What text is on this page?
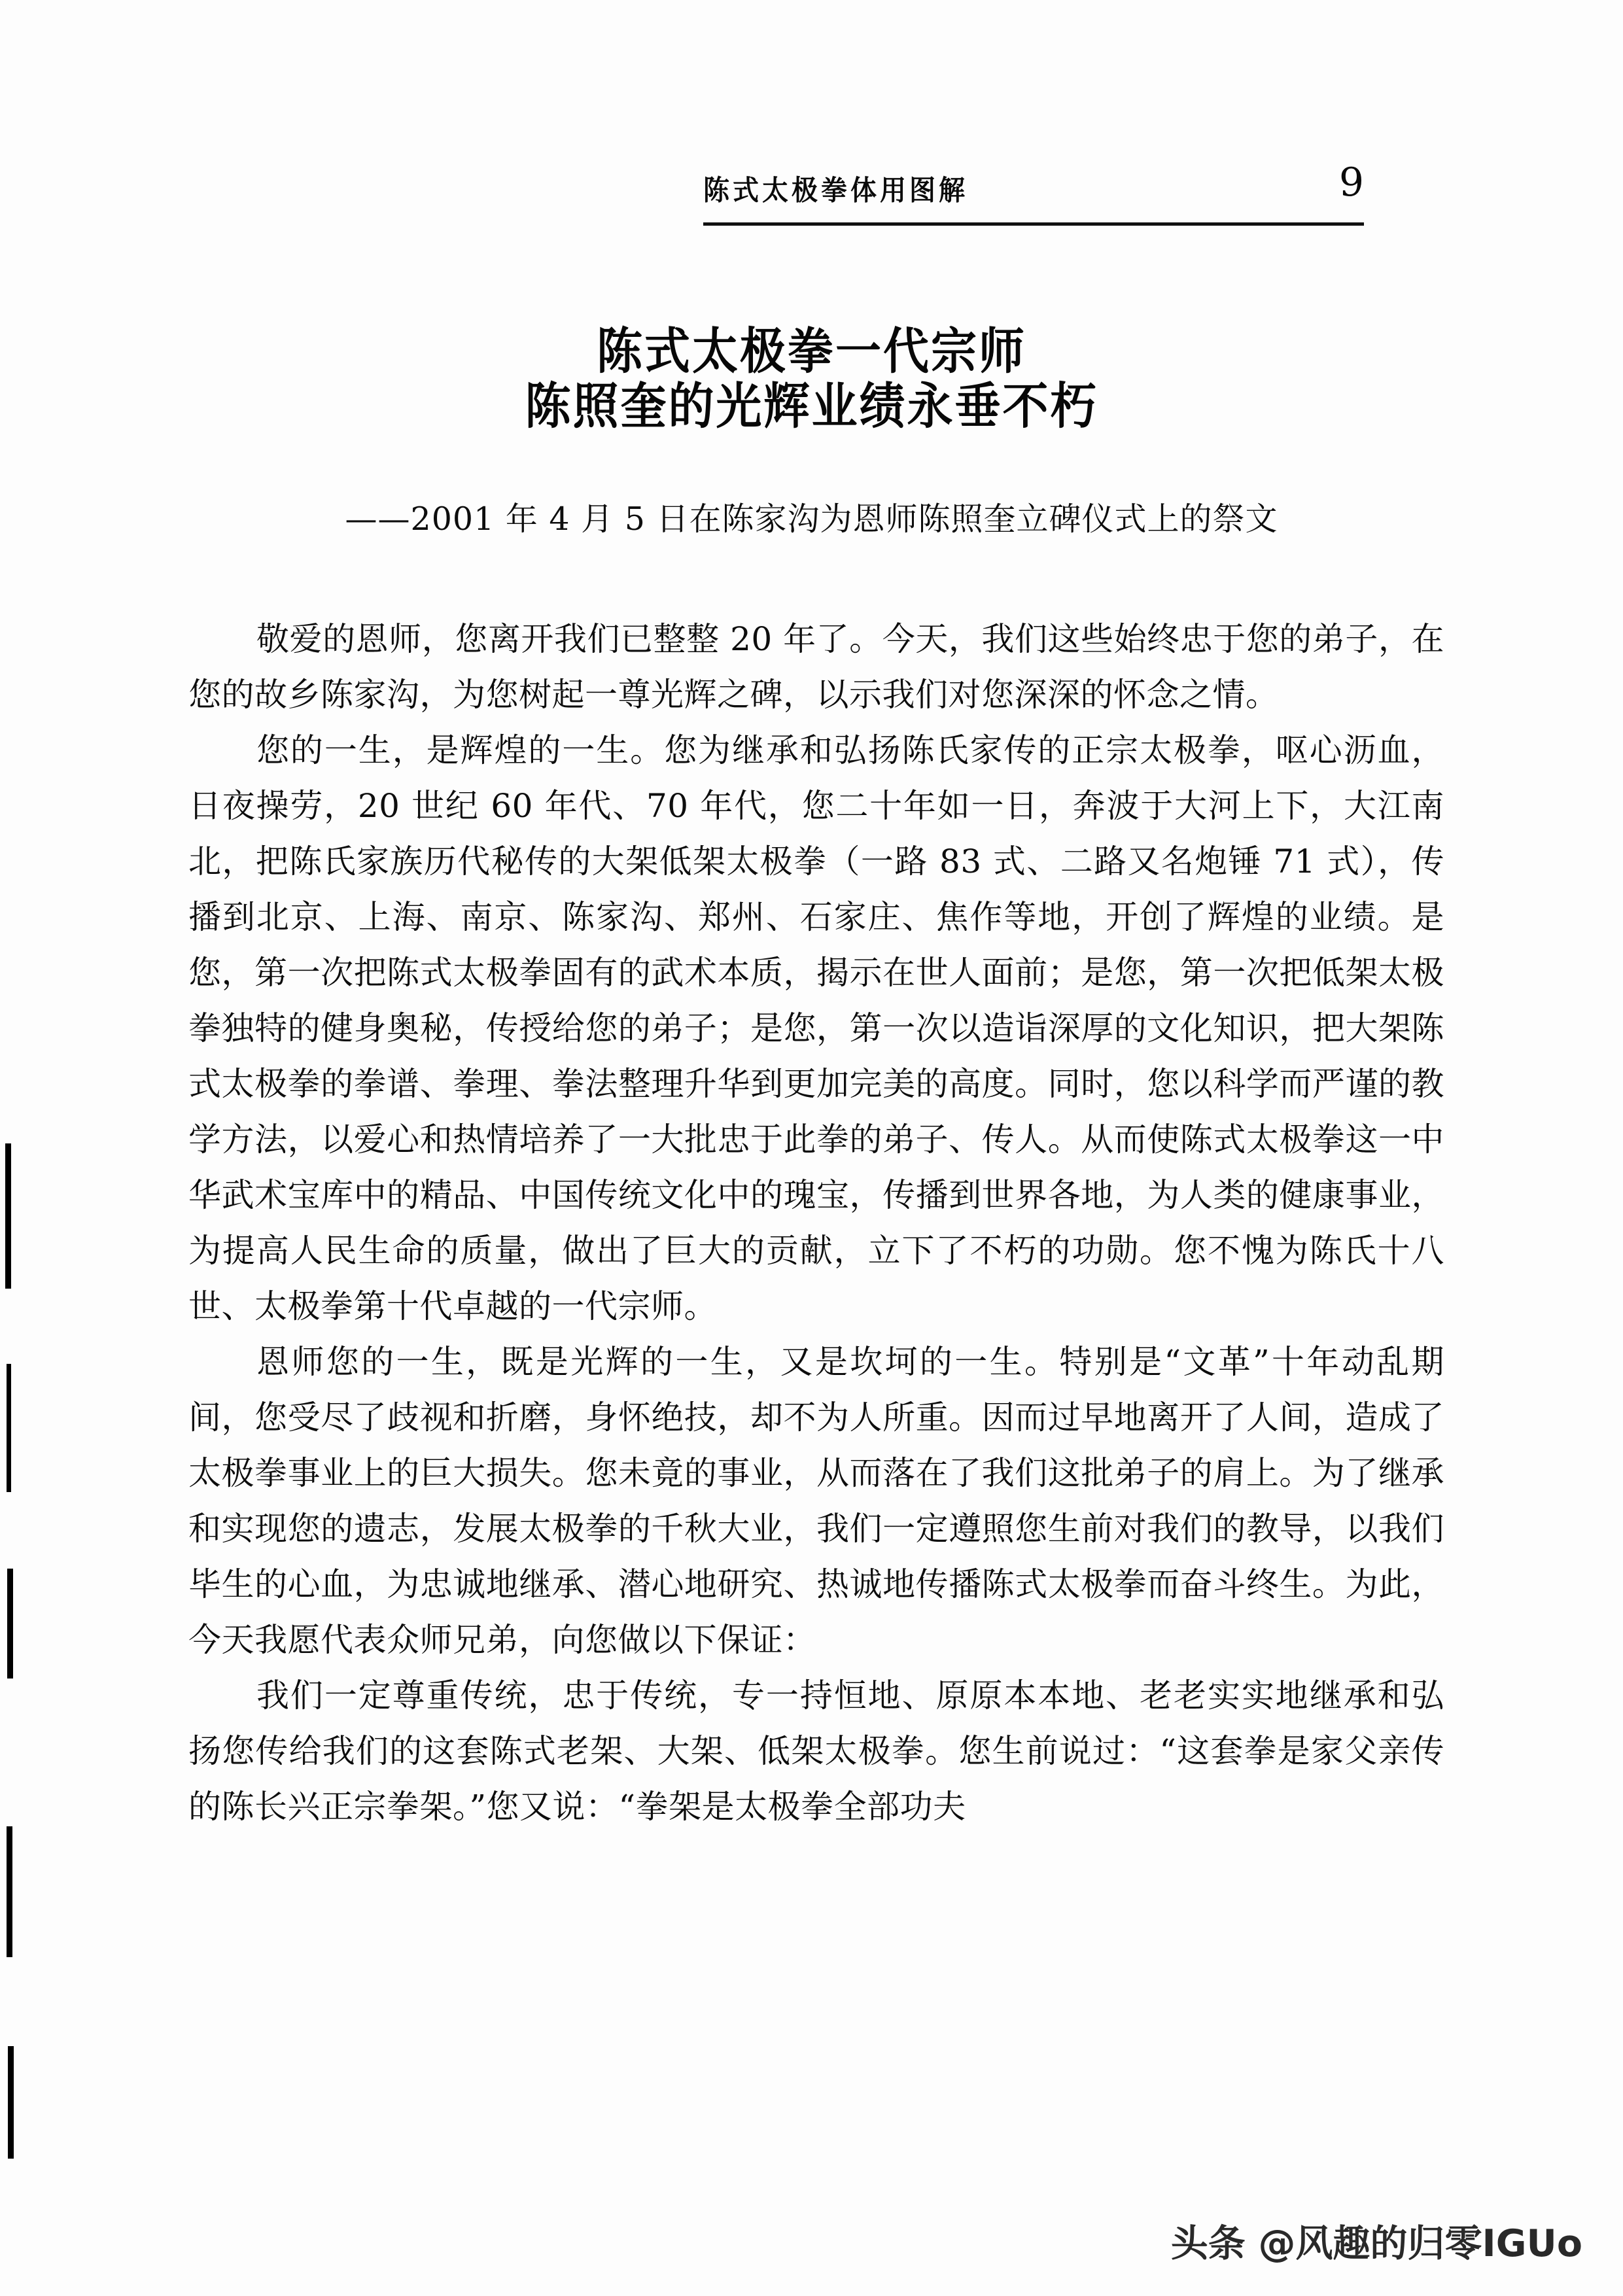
陈式太极拳体用图解	9
陈式太极拳一代宗师
陈照奎的光辉业绩永垂不朽
——2001 年 4 月 5 日在陈家沟为恩师陈照奎立碑仪式上的祭文

敬爱的恩师，您离开我们已整整 20 年了。今天，我们这些始终忠于您的弟子，在您的故乡陈家沟，为您树起一尊光辉之碑，以示我们对您深深的怀念之情。

您的一生，是辉煌的一生。您为继承和弘扬陈氏家传的正宗太极拳，呕心沥血，日夜操劳，20 世纪 60 年代、70 年代，您二十年如一日，奔波于大河上下，大江南北，把陈氏家族历代秘传的大架低架太极拳（一路 83 式、二路又名炮锤 71 式），传播到北京、上海、南京、陈家沟、郑州、石家庄、焦作等地，开创了辉煌的业绩。是您，第一次把陈式太极拳固有的武术本质，揭示在世人面前；是您，第一次把低架太极拳独特的健身奥秘，传授给您的弟子；是您，第一次以造诣深厚的文化知识，把大架陈式太极拳的拳谱、拳理、拳法整理升华到更加完美的高度。同时，您以科学而严谨的教学方法，以爱心和热情培养了一大批忠于此拳的弟子、传人。从而使陈式太极拳这一中华武术宝库中的精品、中国传统文化中的瑰宝，传播到世界各地，为人类的健康事业，为提高人民生命的质量，做出了巨大的贡献，立下了不朽的功勋。您不愧为陈氏十八世、太极拳第十代卓越的一代宗师。

恩师您的一生，既是光辉的一生，又是坎坷的一生。特别是“文革”十年动乱期间，您受尽了歧视和折磨，身怀绝技，却不为人所重。因而过早地离开了人间，造成了太极拳事业上的巨大损失。您未竟的事业，从而落在了我们这批弟子的肩上。为了继承和实现您的遗志，发展太极拳的千秋大业，我们一定遵照您生前对我们的教导，以我们毕生的心血，为忠诚地继承、潜心地研究、热诚地传播陈式太极拳而奋斗终生。为此，今天我愿代表众师兄弟，向您做以下保证：

我们一定尊重传统，忠于传统，专一持恒地、原原本本地、老老实实地继承和弘扬您传给我们的这套陈式老架、大架、低架太极拳。您生前说过：“这套拳是家父亲传的陈长兴正宗拳架。”您又说：“拳架是太极拳全部功夫

头条 @风趣的归零IGUo
